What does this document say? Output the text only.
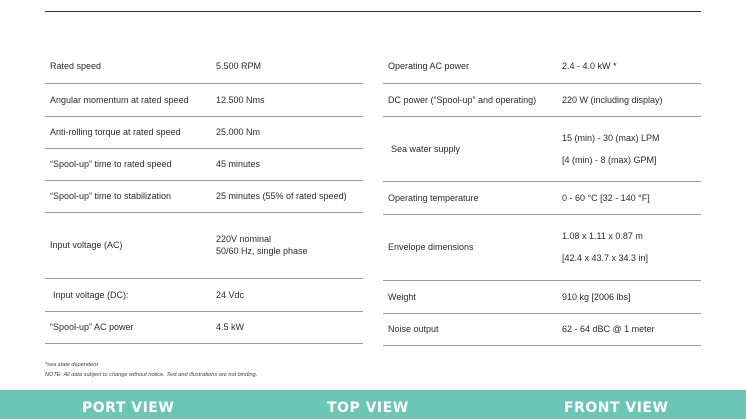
Rated speed	5.500 RPM
Angular momentum at rated speed	12.500 Nms
Anti-rolling torque at rated speed	25.000 Nm
“Spool-up” time to rated speed	45 minutes
“Spool-up” time to stabilization	25 minutes (55% of rated speed)
Input voltage (AC)	220V nominal
50/60 Hz, single phase

Input voltage (DC):	24 Vdc
“Spool-up” AC power	4.5 kW
Operating AC power	2.4 - 4.0 kW *
DC power (“Spool-up” and operating)	220 W (including display)
Sea water supply	15 (min) - 30 (max) LPM
[4 (min) - 8 (max) GPM]

Operating temperature	0 - 60 °C [32 - 140 °F]
Envelope dimensions	1.08 x 1.11 x 0.87 m
[42.4 x 43.7 x 34.3 in]

Weight	910 kg [2006 lbs]
Noise output	62 - 64 dBC @ 1 meter
*sea state dependent
NOTE: All data subject to change without notice. Text and illustrations are not binding.
PORT VIEW	TOP VIEW	FRONT VIEW
